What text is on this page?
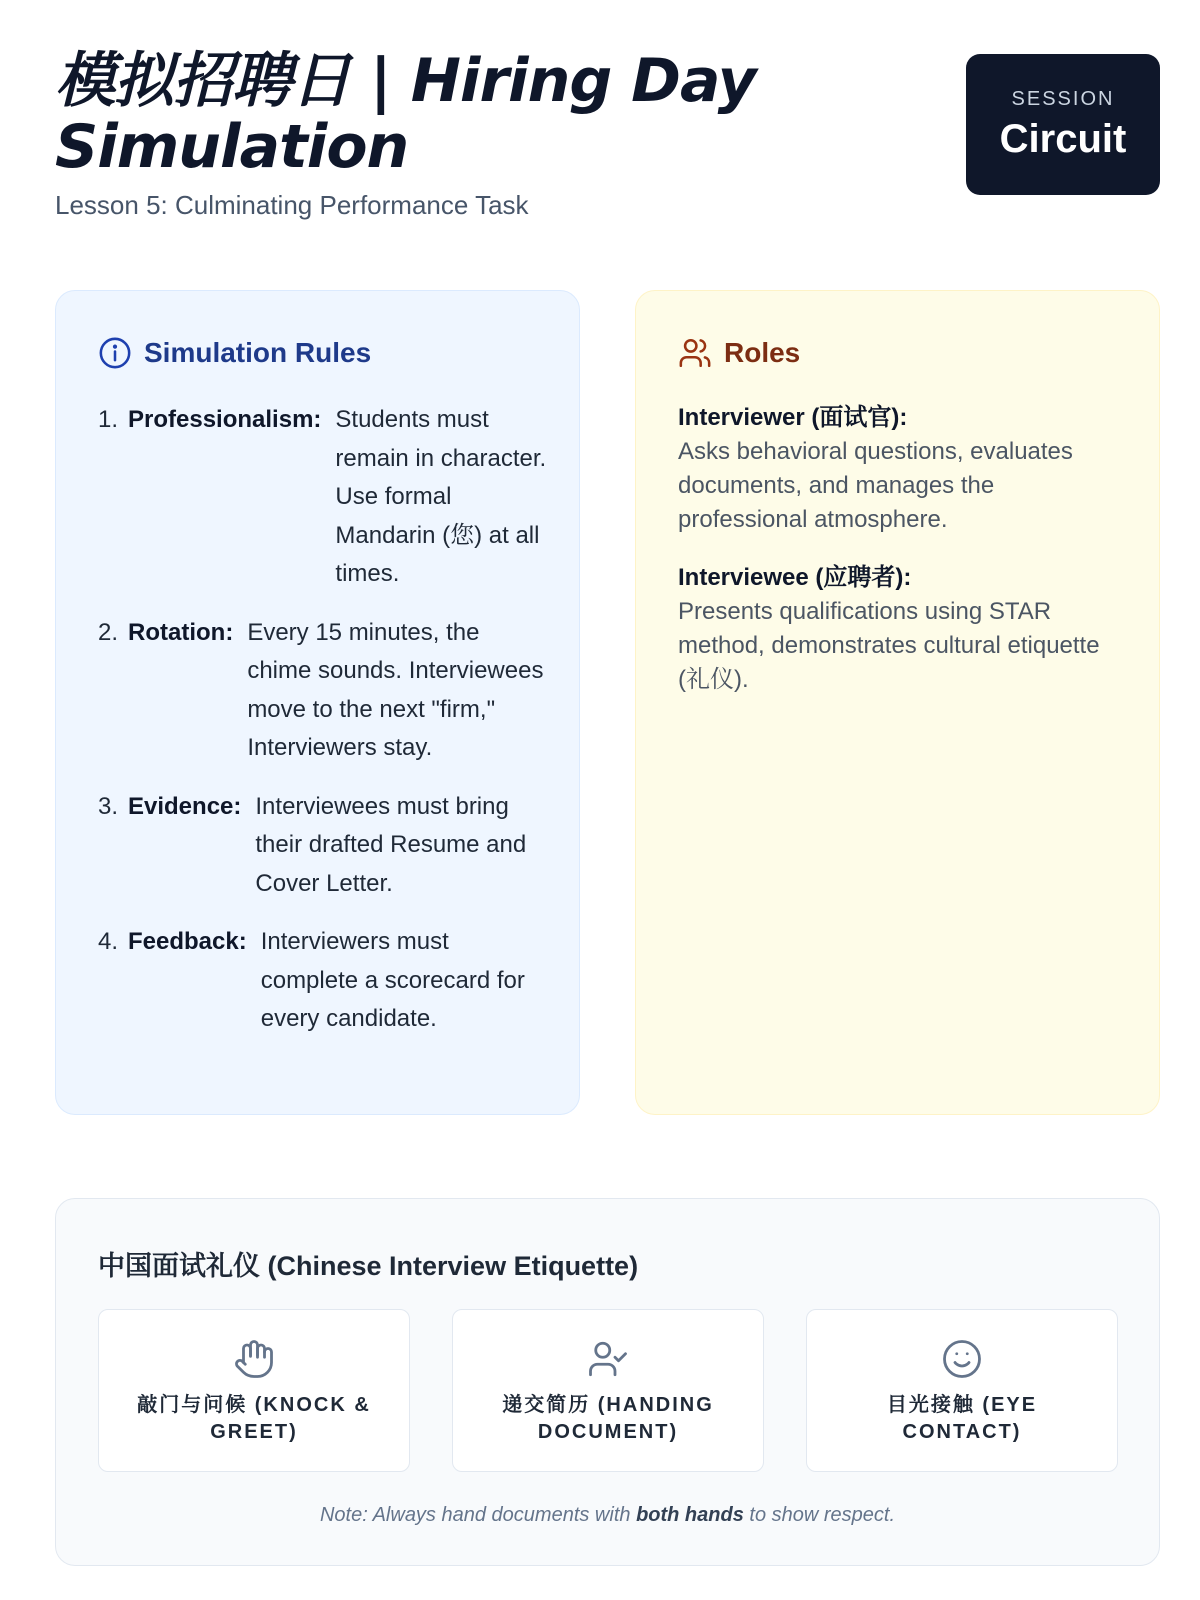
模拟招聘日 | Hiring Day Simulation
Lesson 5: Culminating Performance Task
SESSION
Circuit
Simulation Rules
1. Professionalism: Students must remain in character. Use formal Mandarin (您) at all times.
2. Rotation: Every 15 minutes, the chime sounds. Interviewees move to the next "firm," Interviewers stay.
3. Evidence: Interviewees must bring their drafted Resume and Cover Letter.
4. Feedback: Interviewers must complete a scorecard for every candidate.
Roles
Interviewer (面试官):
Asks behavioral questions, evaluates documents, and manages the professional atmosphere.
Interviewee (应聘者):
Presents qualifications using STAR method, demonstrates cultural etiquette (礼仪).
中国面试礼仪 (Chinese Interview Etiquette)
敲门与问候 (KNOCK & GREET)
递交简历 (HANDING DOCUMENT)
目光接触 (EYE CONTACT)
Note: Always hand documents with both hands to show respect.
